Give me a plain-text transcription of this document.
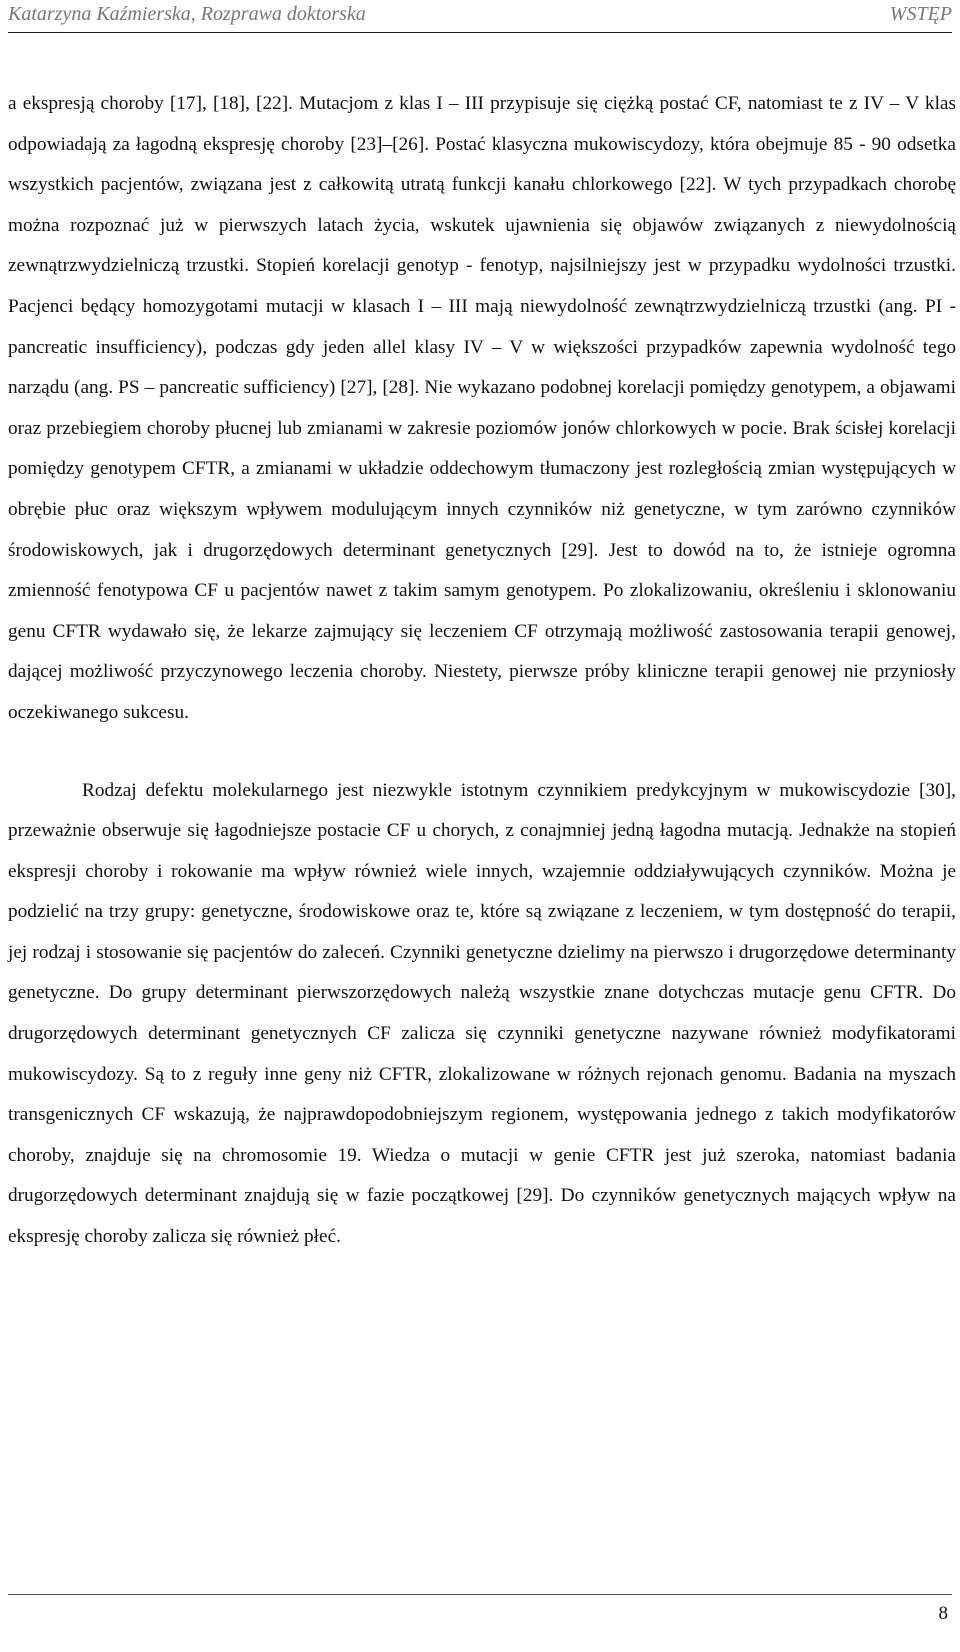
Katarzyna Kaźmierska, Rozprawa doktorska	WSTĘP

a ekspresją choroby [17], [18], [22]. Mutacjom z klas I – III przypisuje się ciężką postać CF, natomiast te z IV – V klas odpowiadają za łagodną ekspresję choroby [23]–[26]. Postać klasyczna mukowiscydozy, która obejmuje 85 - 90 odsetka wszystkich pacjentów, związana jest z całkowitą utratą funkcji kanału chlorkowego [22]. W tych przypadkach chorobę można rozpoznać już w pierwszych latach życia, wskutek ujawnienia się objawów związanych z niewydolnością zewnątrzwydzielniczą trzustki. Stopień korelacji genotyp - fenotyp, najsilniejszy jest w przypadku wydolności trzustki. Pacjenci będący homozygotami mutacji w klasach I – III mają niewydolność zewnątrzwydzielniczą trzustki (ang. PI - pancreatic insufficiency), podczas gdy jeden allel klasy IV – V w większości przypadków zapewnia wydolność tego narządu (ang. PS – pancreatic sufficiency) [27], [28]. Nie wykazano podobnej korelacji pomiędzy genotypem, a objawami oraz przebiegiem choroby płucnej lub zmianami w zakresie poziomów jonów chlorkowych w pocie. Brak ścisłej korelacji pomiędzy genotypem CFTR, a zmianami w układzie oddechowym tłumaczony jest rozległością zmian występujących w obrębie płuc oraz większym wpływem modulującym innych czynników niż genetyczne, w tym zarówno czynników środowiskowych, jak i drugorzędowych determinant genetycznych [29]. Jest to dowód na to, że istnieje ogromna zmienność fenotypowa CF u pacjentów nawet z takim samym genotypem. Po zlokalizowaniu, określeniu i sklonowaniu genu CFTR wydawało się, że lekarze zajmujący się leczeniem CF otrzymają możliwość zastosowania terapii genowej, dającej możliwość przyczynowego leczenia choroby. Niestety, pierwsze próby kliniczne terapii genowej nie przyniosły oczekiwanego sukcesu.

Rodzaj defektu molekularnego jest niezwykle istotnym czynnikiem predykcyjnym w mukowiscydozie [30], przeważnie obserwuje się łagodniejsze postacie CF u chorych, z conajmniej jedną łagodna mutacją. Jednakże na stopień ekspresji choroby i rokowanie ma wpływ również wiele innych, wzajemnie oddziaływujących czynników. Można je podzielić na trzy grupy: genetyczne, środowiskowe oraz te, które są związane z leczeniem, w tym dostępność do terapii, jej rodzaj i stosowanie się pacjentów do zaleceń. Czynniki genetyczne dzielimy na pierwszo i drugorzędowe determinanty genetyczne. Do grupy determinant pierwszorzędowych należą wszystkie znane dotychczas mutacje genu CFTR. Do drugorzędowych determinant genetycznych CF zalicza się czynniki genetyczne nazywane również modyfikatorami mukowiscydozy. Są to z reguły inne geny niż CFTR, zlokalizowane w różnych rejonach genomu. Badania na myszach transgenicznych CF wskazują, że najprawdopodobniejszym regionem, występowania jednego z takich modyfikatorów choroby, znajduje się na chromosomie 19. Wiedza o mutacji w genie CFTR jest już szeroka, natomiast badania drugorzędowych determinant znajdują się w fazie początkowej [29]. Do czynników genetycznych mających wpływ na ekspresję choroby zalicza się również płeć.

8
